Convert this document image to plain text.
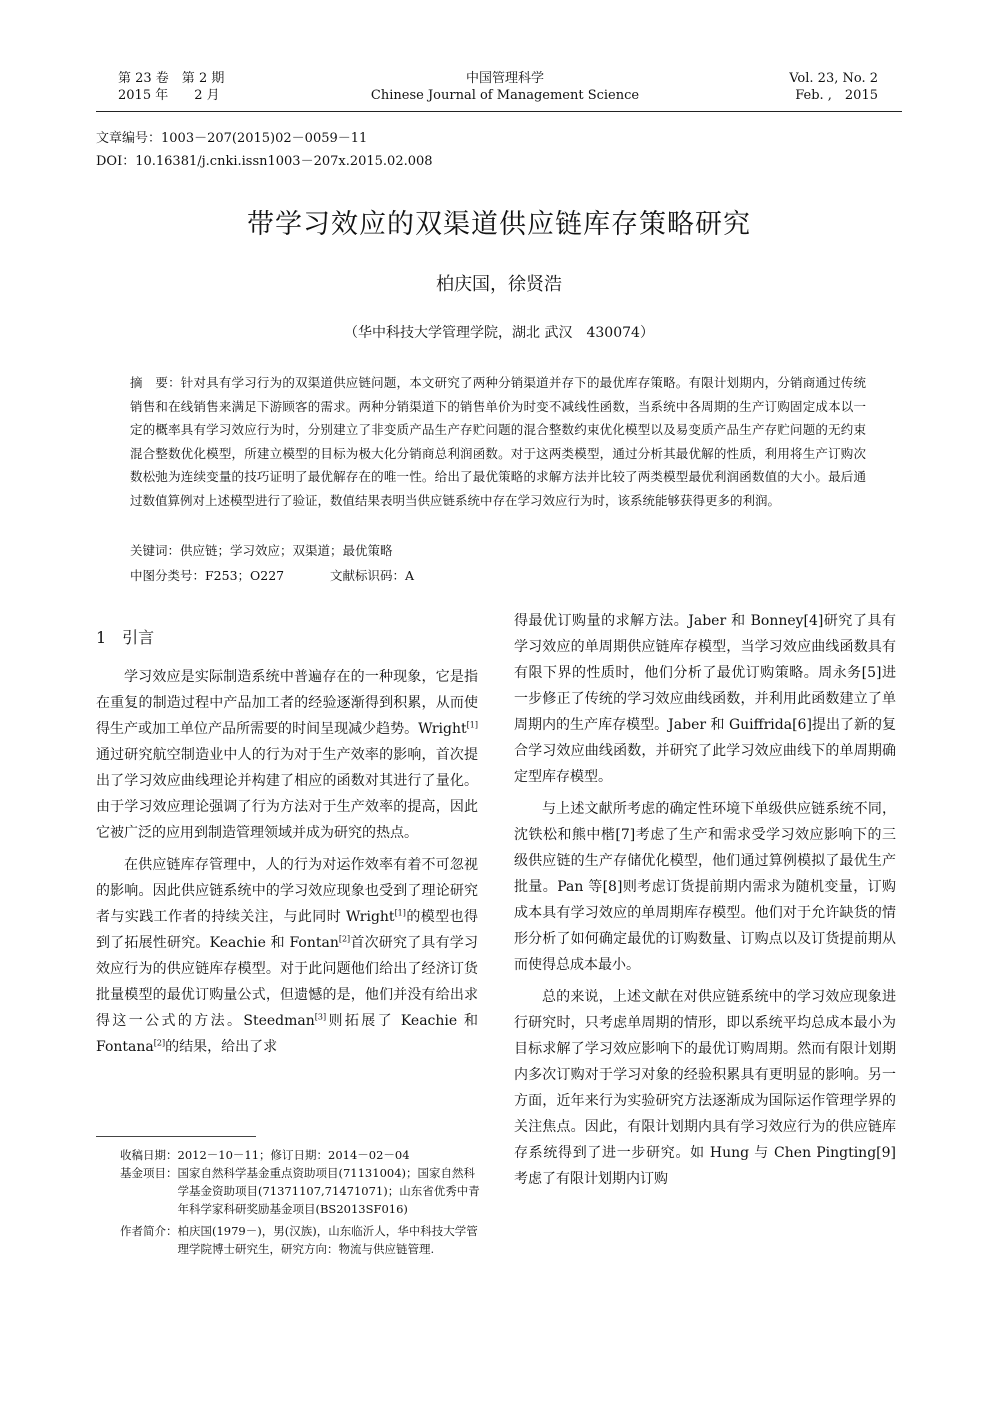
第 23 卷　第 2 期
2015 年　　2 月
中国管理科学
Chinese Journal of Management Science
Vol. 23, No. 2
Feb. ,　2015
文章编号：1003－207(2015)02－0059－11
DOI：10.16381/j.cnki.issn1003－207x.2015.02.008
带学习效应的双渠道供应链库存策略研究
柏庆国，徐贤浩
（华中科技大学管理学院，湖北 武汉　430074）

摘　要：针对具有学习行为的双渠道供应链问题，本文研究了两种分销渠道并存下的最优库存策略。有限计划期内，分销商通过传统销售和在线销售来满足下游顾客的需求。两种分销渠道下的销售单价为时变不减线性函数，当系统中各周期的生产订购固定成本以一定的概率具有学习效应行为时，分别建立了非变质产品生产存贮问题的混合整数约束优化模型以及易变质产品生产存贮问题的无约束混合整数优化模型，所建立模型的目标为极大化分销商总利润函数。对于这两类模型，通过分析其最优解的性质，利用将生产订购次数松弛为连续变量的技巧证明了最优解存在的唯一性。给出了最优策略的求解方法并比较了两类模型最优利润函数值的大小。最后通过数值算例对上述模型进行了验证，数值结果表明当供应链系统中存在学习效应行为时，该系统能够获得更多的利润。

关键词：供应链；学习效应；双渠道；最优策略
中图分类号：F253；O227	文献标识码：A
1　引言

学习效应是实际制造系统中普遍存在的一种现象，它是指在重复的制造过程中产品加工者的经验逐渐得到积累，从而使得生产或加工单位产品所需要的时间呈现减少趋势。Wright[1]通过研究航空制造业中人的行为对于生产效率的影响，首次提出了学习效应曲线理论并构建了相应的函数对其进行了量化。由于学习效应理论强调了行为方法对于生产效率的提高，因此它被广泛的应用到制造管理领域并成为研究的热点。

在供应链库存管理中，人的行为对运作效率有着不可忽视的影响。因此供应链系统中的学习效应现象也受到了理论研究者与实践工作者的持续关注，与此同时 Wright[1]的模型也得到了拓展性研究。Keachie 和 Fontan[2]首次研究了具有学习效应行为的供应链库存模型。对于此问题他们给出了经济订货批量模型的最优订购量公式，但遗憾的是，他们并没有给出求得这一公式的方法。Steedman[3]则拓展了 Keachie 和 Fontana[2]的结果，给出了求

收稿日期：2012－10－11；修订日期：2014－02－04
基金项目： 国家自然科学基金重点资助项目(71131004)；国家自然科学基金资助项目(71371107,71471071)；山东省优秀中青年科学家科研奖励基金项目(BS2013SF016)
作者简介： 柏庆国(1979－)，男(汉族)，山东临沂人，华中科技大学管理学院博士研究生，研究方向：物流与供应链管理.

得最优订购量的求解方法。Jaber 和 Bonney[4]研究了具有学习效应的单周期供应链库存模型，当学习效应曲线函数具有有限下界的性质时，他们分析了最优订购策略。周永务[5]进一步修正了传统的学习效应曲线函数，并利用此函数建立了单周期内的生产库存模型。Jaber 和 Guiffrida[6]提出了新的复合学习效应曲线函数，并研究了此学习效应曲线下的单周期确定型库存模型。

与上述文献所考虑的确定性环境下单级供应链系统不同，沈铁松和熊中楷[7]考虑了生产和需求受学习效应影响下的三级供应链的生产存储优化模型，他们通过算例模拟了最优生产批量。Pan 等[8]则考虑订货提前期内需求为随机变量，订购成本具有学习效应的单周期库存模型。他们对于允许缺货的情形分析了如何确定最优的订购数量、订购点以及订货提前期从而使得总成本最小。

总的来说，上述文献在对供应链系统中的学习效应现象进行研究时，只考虑单周期的情形，即以系统平均总成本最小为目标求解了学习效应影响下的最优订购周期。然而有限计划期内多次订购对于学习对象的经验积累具有更明显的影响。另一方面，近年来行为实验研究方法逐渐成为国际运作管理学界的关注焦点。因此，有限计划期内具有学习效应行为的供应链库存系统得到了进一步研究。如 Hung 与 Chen Pingting[9]考虑了有限计划期内订购
